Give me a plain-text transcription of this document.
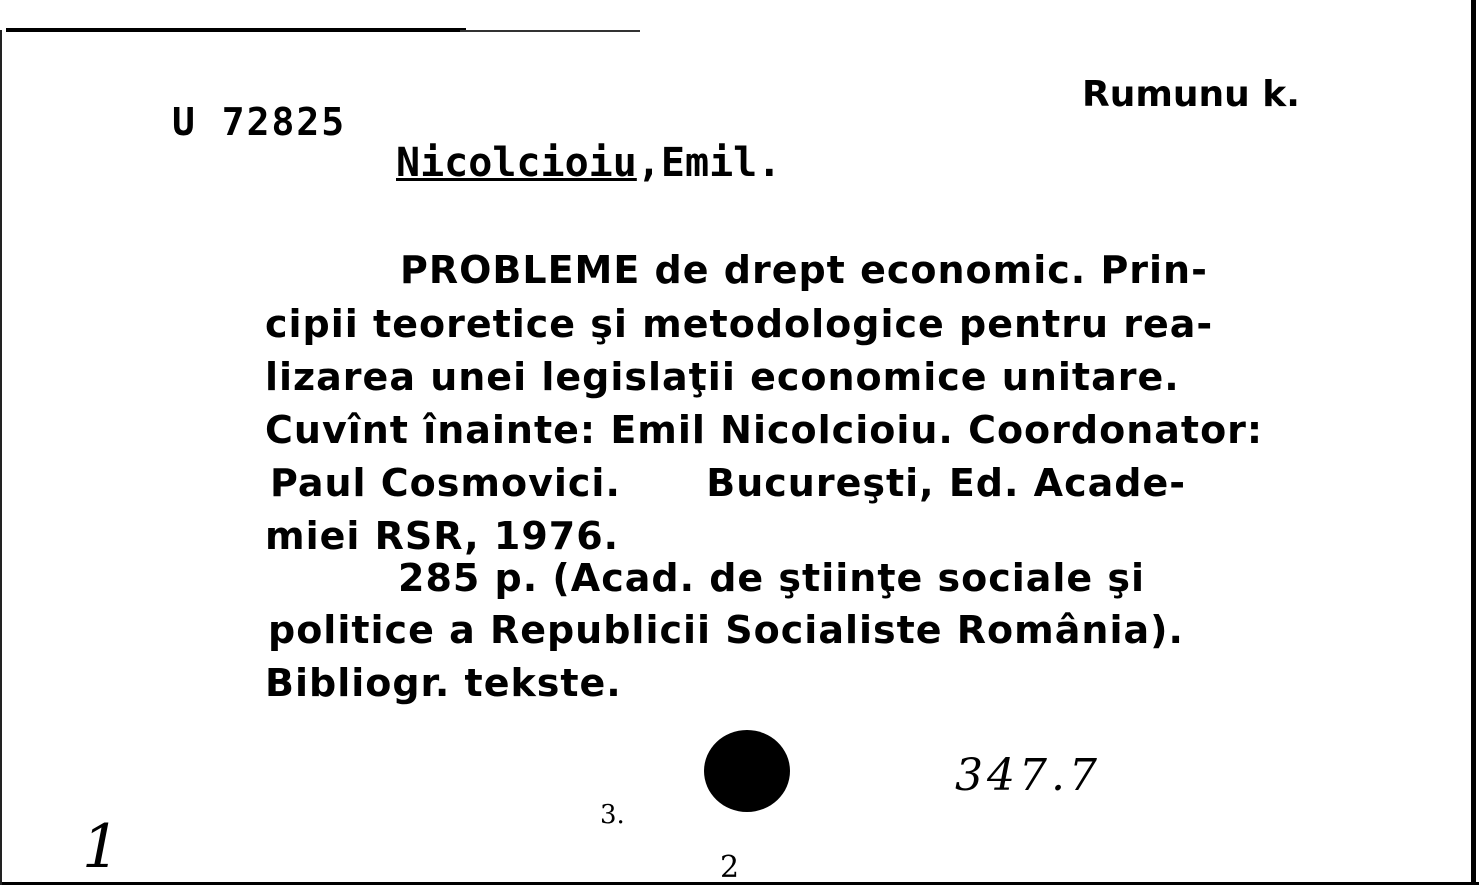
U 72825
Rumunu k.
Nicolcioiu,Emil.
PROBLEME de drept economic. Prin-
cipii teoretice şi metodologice pentru rea-
lizarea unei legislaţii economice unitare.
Cuvînt înainte: Emil Nicolcioiu. Coordonator:
Paul Cosmovici.      Bucureşti, Ed. Acade-
miei RSR, 1976.
285 p. (Acad. de ştiinţe sociale şi
politice a Republicii Socialiste România).
Bibliogr. tekste.
347.7
1	3.
2
